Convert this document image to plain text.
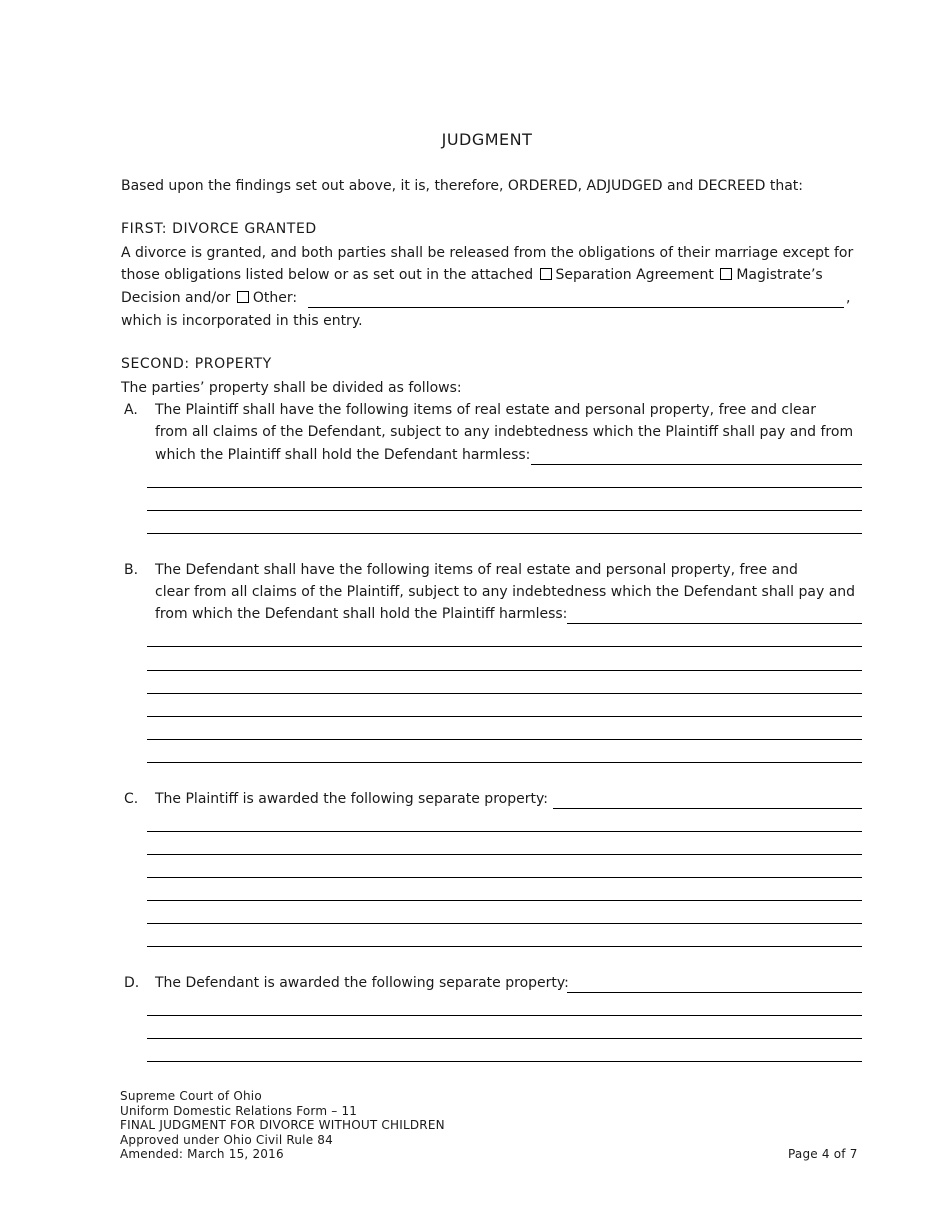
JUDGMENT
Based upon the findings set out above, it is, therefore, ORDERED, ADJUDGED and DECREED that:
FIRST: DIVORCE GRANTED
A divorce is granted, and both parties shall be released from the obligations of their marriage except for
those obligations listed below or as set out in the attached Separation Agreement Magistrate’s
Decision and/or Other:	,
which is incorporated in this entry.
SECOND: PROPERTY
The parties’ property shall be divided as follows:
A. The Plaintiff shall have the following items of real estate and personal property, free and clear
from all claims of the Defendant, subject to any indebtedness which the Plaintiff shall pay and from
which the Plaintiff shall hold the Defendant harmless:
B. The Defendant shall have the following items of real estate and personal property, free and
clear from all claims of the Plaintiff, subject to any indebtedness which the Defendant shall pay and
from which the Defendant shall hold the Plaintiff harmless:
C. The Plaintiff is awarded the following separate property:
D. The Defendant is awarded the following separate property:
Supreme Court of Ohio
Uniform Domestic Relations Form – 11
FINAL JUDGMENT FOR DIVORCE WITHOUT CHILDREN
Approved under Ohio Civil Rule 84
Amended: March 15, 2016	Page 4 of 7
